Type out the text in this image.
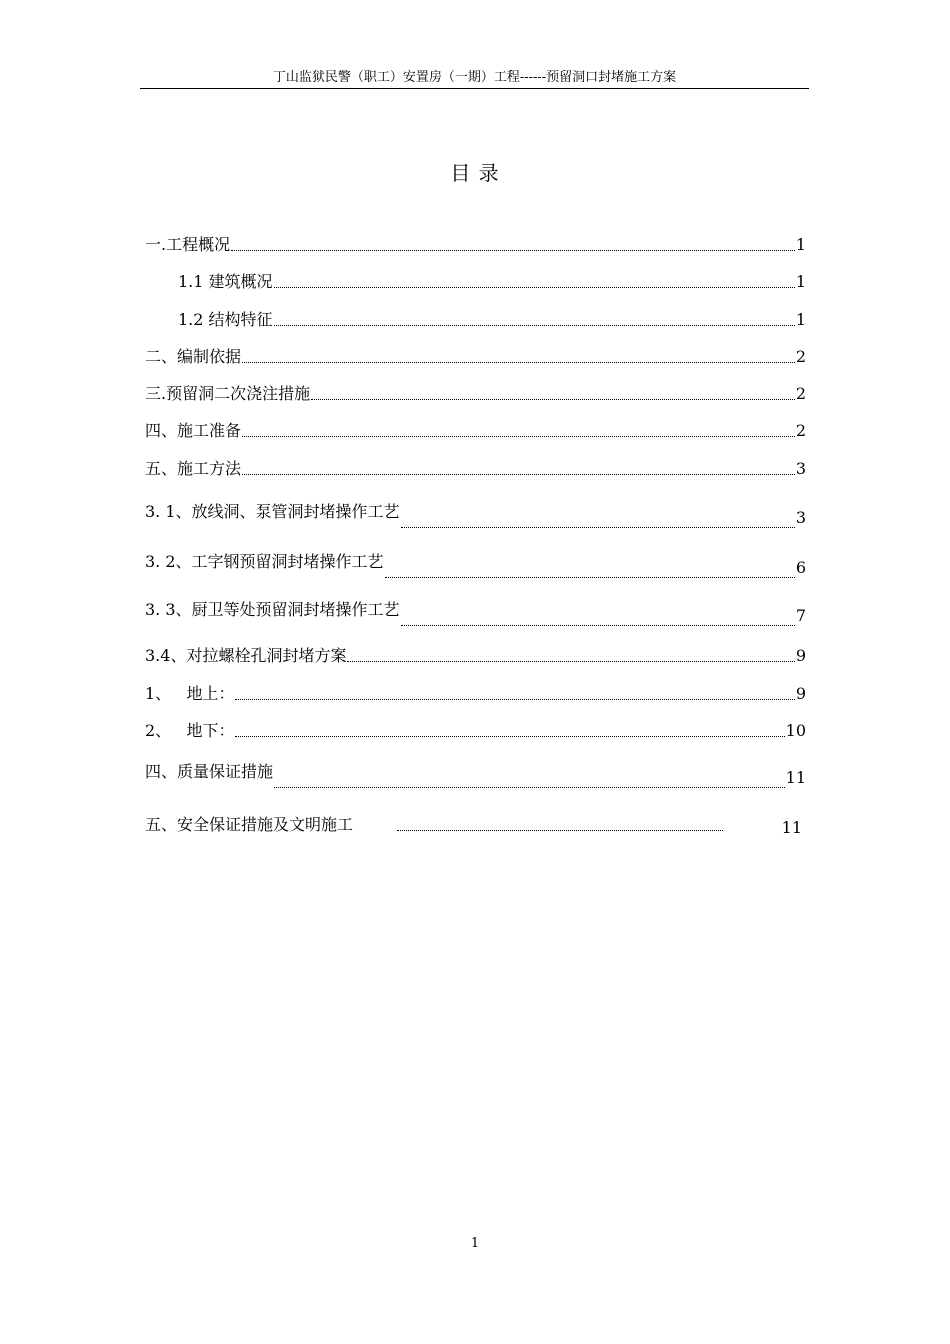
丁山监狱民警（职工）安置房（一期）工程------预留洞口封堵施工方案
目 录
一.工程概况	1
1.1 建筑概况	1
1.2 结构特征	1
二、编制依据	2
三.预留洞二次浇注措施	2
四、施工准备	2
五、施工方法	3
3. 1、放线洞、泵管洞封堵操作工艺	3
3. 2、工字钢预留洞封堵操作工艺	6
3. 3、厨卫等处预留洞封堵操作工艺	7
3.4、对拉螺栓孔洞封堵方案	9
1、   地上：	9
2、   地下：	10
四、质量保证措施	11
五、安全保证措施及文明施工	11
1
